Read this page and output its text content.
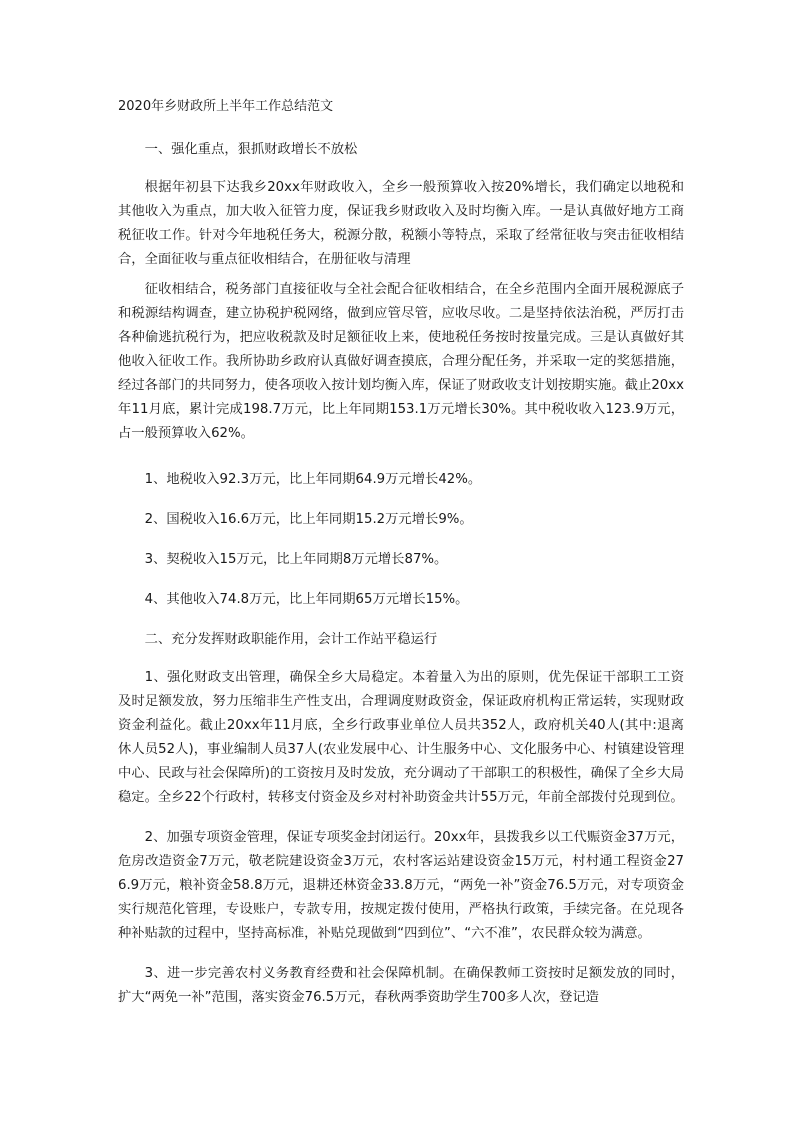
2020年乡财政所上半年工作总结范文

一、强化重点，狠抓财政增长不放松

根据年初县下达我乡20xx年财政收入，全乡一般预算收入按20%增长，我们确定以地税和其他收入为重点，加大收入征管力度，保证我乡财政收入及时均衡入库。一是认真做好地方工商税征收工作。针对今年地税任务大，税源分散，税额小等特点，采取了经常征收与突击征收相结合，全面征收与重点征收相结合，在册征收与清理

征收相结合，税务部门直接征收与全社会配合征收相结合，在全乡范围内全面开展税源底子和税源结构调查，建立协税护税网络，做到应管尽管，应收尽收。二是坚持依法治税，严厉打击各种偷逃抗税行为，把应收税款及时足额征收上来，使地税任务按时按量完成。三是认真做好其他收入征收工作。我所协助乡政府认真做好调查摸底，合理分配任务，并采取一定的奖惩措施，经过各部门的共同努力，使各项收入按计划均衡入库，保证了财政收支计划按期实施。截止20xx年11月底，累计完成198.7万元，比上年同期153.1万元增长30%。其中税收收入123.9万元，占一般预算收入62%。

1、地税收入92.3万元，比上年同期64.9万元增长42%。

2、国税收入16.6万元，比上年同期15.2万元增长9%。

3、契税收入15万元，比上年同期8万元增长87%。

4、其他收入74.8万元，比上年同期65万元增长15%。

二、充分发挥财政职能作用，会计工作站平稳运行

1、强化财政支出管理，确保全乡大局稳定。本着量入为出的原则，优先保证干部职工工资及时足额发放，努力压缩非生产性支出，合理调度财政资金，保证政府机构正常运转，实现财政资金利益化。截止20xx年11月底，全乡行政事业单位人员共352人，政府机关40人(其中:退离休人员52人)，事业编制人员37人(农业发展中心、计生服务中心、文化服务中心、村镇建设管理中心、民政与社会保障所)的工资按月及时发放，充分调动了干部职工的积极性，确保了全乡大局稳定。全乡22个行政村，转移支付资金及乡对村补助资金共计55万元，年前全部拨付兑现到位。

2、加强专项资金管理，保证专项奖金封闭运行。20xx年，县拨我乡以工代赈资金37万元，危房改造资金7万元，敬老院建设资金3万元，农村客运站建设资金15万元，村村通工程资金276.9万元，粮补资金58.8万元，退耕还林资金33.8万元，“两免一补”资金76.5万元，对专项资金实行规范化管理，专设账户，专款专用，按规定拨付使用，严格执行政策，手续完备。在兑现各种补贴款的过程中，坚持高标准，补贴兑现做到“四到位”、“六不准”，农民群众较为满意。

3、进一步完善农村义务教育经费和社会保障机制。在确保教师工资按时足额发放的同时，扩大“两免一补”范围，落实资金76.5万元，春秋两季资助学生700多人次，登记造
